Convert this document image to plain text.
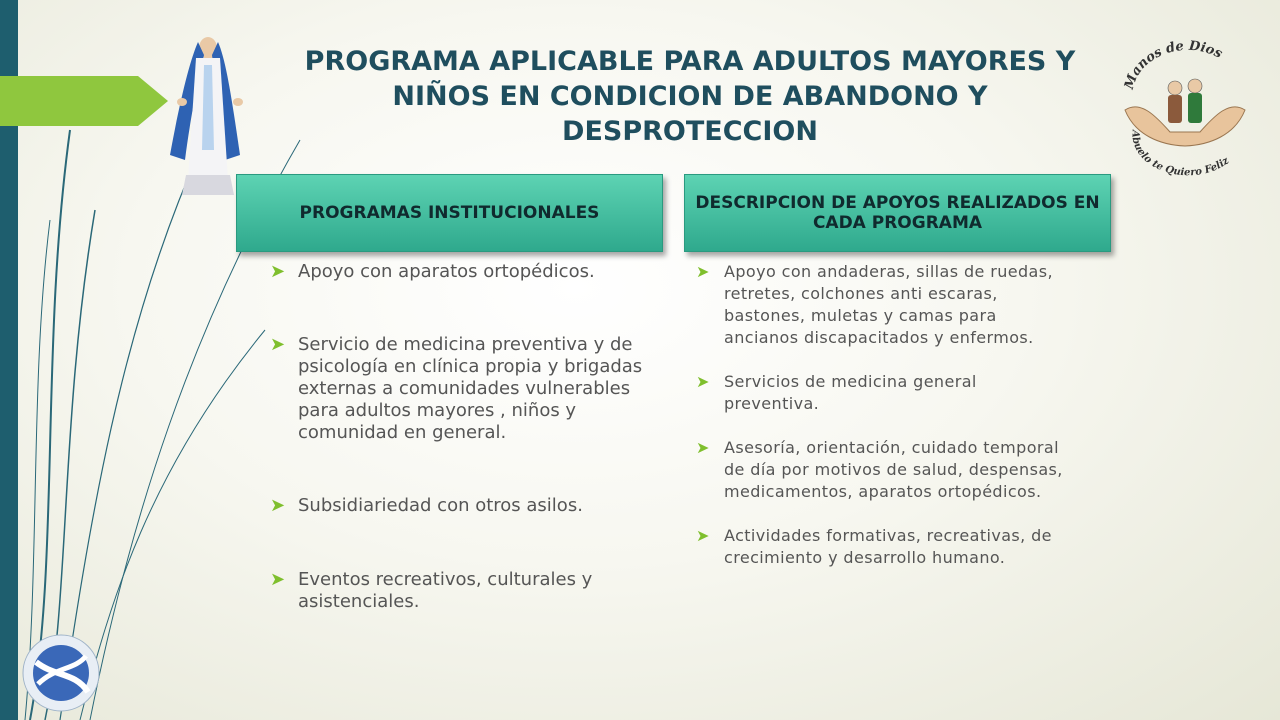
PROGRAMA APLICABLE PARA ADULTOS MAYORES Y NIÑOS EN CONDICION DE ABANDONO Y DESPROTECCION
Manos de Dios
Abuelo te Quiero Feliz
PROGRAMAS INSTITUCIONALES	DESCRIPCION DE APOYOS REALIZADOS EN CADA PROGRAMA
➤ Apoyo con aparatos ortopédicos.
➤ Servicio de medicina preventiva y de psicología en clínica propia y brigadas externas a comunidades vulnerables para adultos mayores , niños y comunidad en general.
➤ Subsidiariedad con otros asilos.
➤ Eventos recreativos, culturales y asistenciales.
➤ Apoyo con andaderas, sillas de ruedas, retretes, colchones anti escaras, bastones, muletas y camas para ancianos discapacitados y enfermos.
➤ Servicios de medicina general preventiva.
➤ Asesoría, orientación, cuidado temporal de día por motivos de salud, despensas, medicamentos, aparatos ortopédicos.
➤ Actividades formativas, recreativas, de crecimiento y desarrollo humano.
